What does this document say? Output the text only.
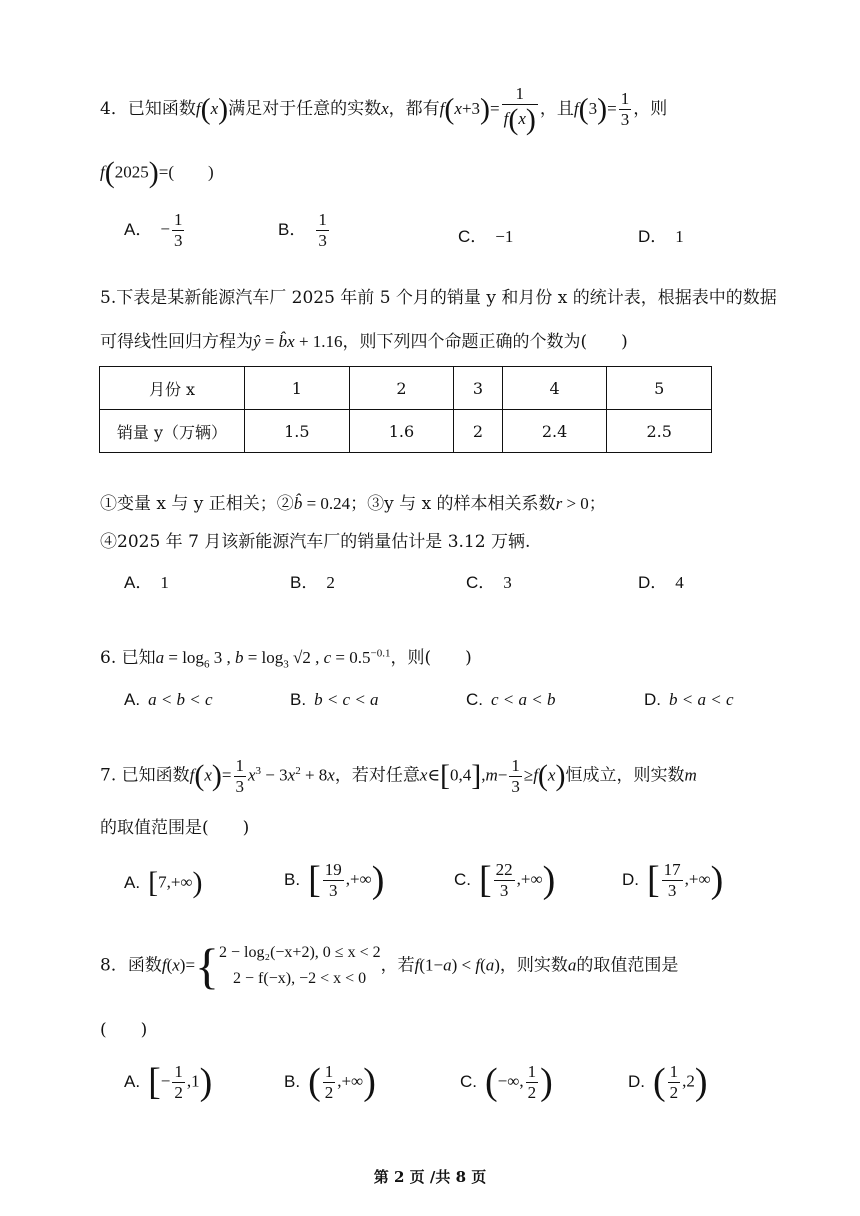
4．已知函数f(x)满足对于任意的实数x，都有$f(x+3)= \frac{1}{f(x)}$ ，且$f(3)= \frac{1}{3}$ ，则
f(2025)=( )
A． − $\frac{1}{3}$	B． $\frac{1}{3}$	C． −1	D． 1
5.下表是某新能源汽车厂 2025 年前 5 个月的销量 y 和月份 x 的统计表，根据表中的数据
可得线性回归方程为ŷ = b̂x + 1.16，则下列四个命题正确的个数为(　　)
月份 x	1	2	3	4	5
销量 y（万辆）	1.5	1.6	2	2.4	2.5
①变量 x 与 y 正相关；②b̂ = 0.24；③y 与 x 的样本相关系数r > 0；
④2025 年 7 月该新能源汽车厂的销量估计是 3.12 万辆.
A． 1	B． 2	C． 3	D． 4
6. 已知$a = \log_6 3$ , $b = \log_3 √2$ , $c = 0.5^{-0.1}$，则(　　)
A. a < b < c	B. b < c < a	C. c < a < b	D. b < a < c
7. 已知函数$f(x)= \frac{1}{3} x^3 - 3x^2 + 8x$，若对任意x∈[0,4],m− $\frac{1}{3} \ge f(x)$恒成立，则实数m
的取值范围是(　　)
A. [7,+∞)	B. [ $\frac{19}{3}$ ,+∞)	C. [ $\frac{22}{3}$ ,+∞)	D. [ $\frac{17}{3}$ ,+∞)
8．函数f(x)={ 2 − log₂(−x+2), 0 ≤ x < 2
2 − f(−x), −2 < x < 0
，若f(1−a) < f(a)，则实数a的取值范围是
(　　)
A. [− $\frac{1}{2} ,1$)	B. ( $\frac{1}{2}$ ,+∞)	C. (−∞, $\frac{1}{2}$ )	D. ( $\frac{1}{2} ,2$)
第 2 页 /共 8 页
